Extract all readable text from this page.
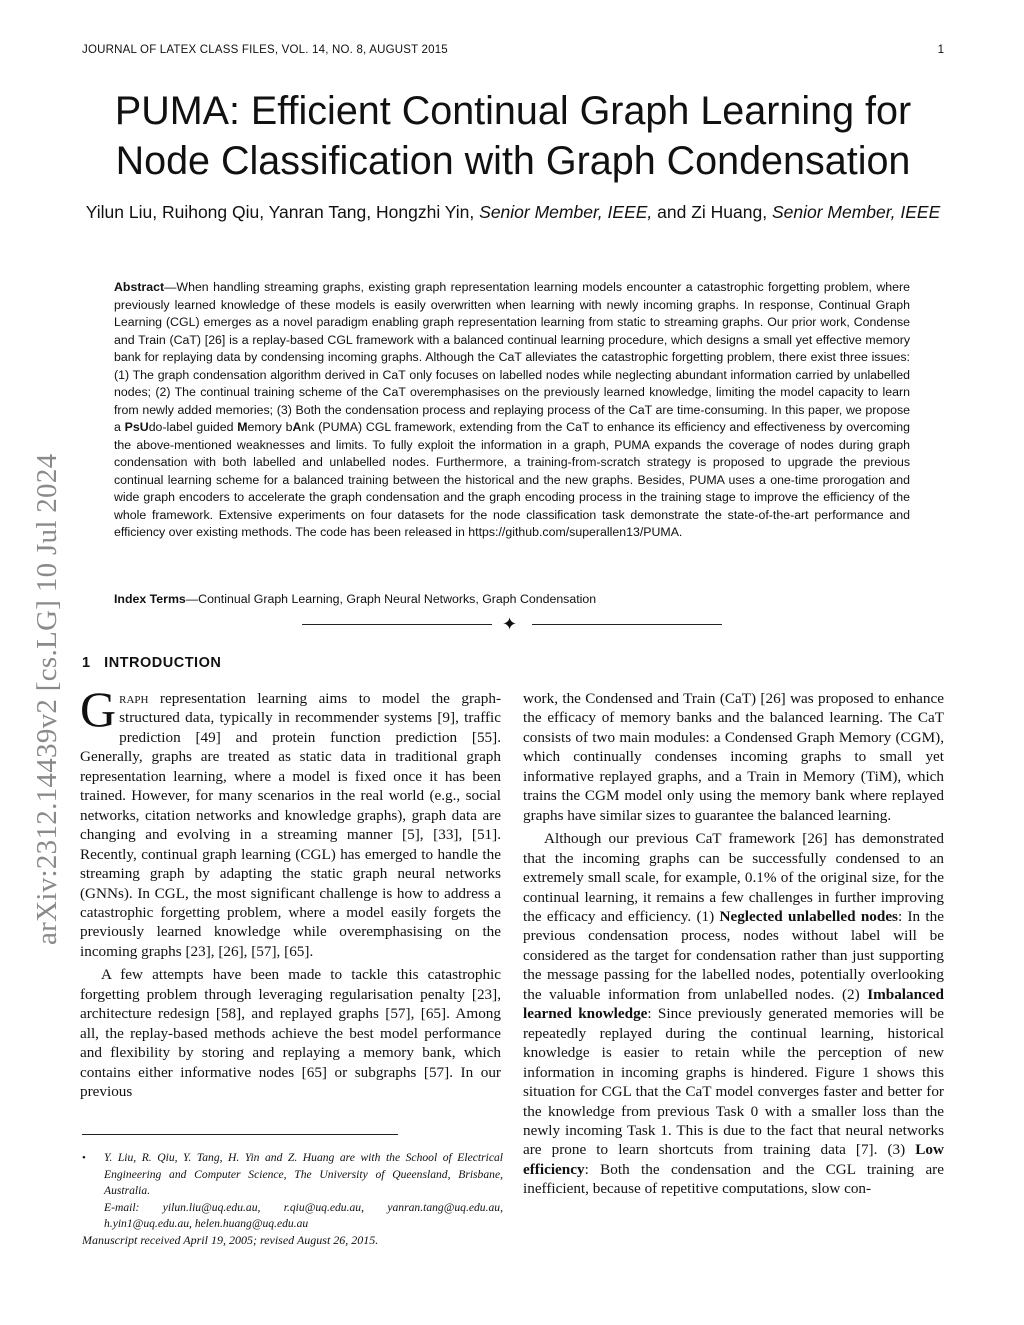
JOURNAL OF LATEX CLASS FILES, VOL. 14, NO. 8, AUGUST 2015	1
arXiv:2312.14439v2 [cs.LG] 10 Jul 2024
PUMA: Efficient Continual Graph Learning for
Node Classification with Graph Condensation
Yilun Liu, Ruihong Qiu, Yanran Tang, Hongzhi Yin, Senior Member, IEEE, and Zi Huang, Senior Member, IEEE

Abstract—When handling streaming graphs, existing graph representation learning models encounter a catastrophic forgetting problem, where previously learned knowledge of these models is easily overwritten when learning with newly incoming graphs. In response, Continual Graph Learning (CGL) emerges as a novel paradigm enabling graph representation learning from static to streaming graphs. Our prior work, Condense and Train (CaT) [26] is a replay-based CGL framework with a balanced continual learning procedure, which designs a small yet effective memory bank for replaying data by condensing incoming graphs. Although the CaT alleviates the catastrophic forgetting problem, there exist three issues: (1) The graph condensation algorithm derived in CaT only focuses on labelled nodes while neglecting abundant information carried by unlabelled nodes; (2) The continual training scheme of the CaT overemphasises on the previously learned knowledge, limiting the model capacity to learn from newly added memories; (3) Both the condensation process and replaying process of the CaT are time-consuming. In this paper, we propose a PsUdo-label guided Memory bAnk (PUMA) CGL framework, extending from the CaT to enhance its efficiency and effectiveness by overcoming the above-mentioned weaknesses and limits. To fully exploit the information in a graph, PUMA expands the coverage of nodes during graph condensation with both labelled and unlabelled nodes. Furthermore, a training-from-scratch strategy is proposed to upgrade the previous continual learning scheme for a balanced training between the historical and the new graphs. Besides, PUMA uses a one-time prorogation and wide graph encoders to accelerate the graph condensation and the graph encoding process in the training stage to improve the efficiency of the whole framework. Extensive experiments on four datasets for the node classification task demonstrate the state-of-the-art performance and efficiency over existing methods. The code has been released in https://github.com/superallen13/PUMA.

Index Terms—Continual Graph Learning, Graph Neural Networks, Graph Condensation

✦
1 INTRODUCTION

Graph representation learning aims to model the graph-structured data, typically in recommender systems [9], traffic prediction [49] and protein function prediction [55]. Generally, graphs are treated as static data in traditional graph representation learning, where a model is fixed once it has been trained. However, for many scenarios in the real world (e.g., social networks, citation networks and knowledge graphs), graph data are changing and evolving in a streaming manner [5], [33], [51]. Recently, continual graph learning (CGL) has emerged to handle the streaming graph by adapting the static graph neural networks (GNNs). In CGL, the most significant challenge is how to address a catastrophic forgetting problem, where a model easily forgets the previously learned knowledge while overemphasising on the incoming graphs [23], [26], [57], [65].

A few attempts have been made to tackle this catastrophic forgetting problem through leveraging regularisation penalty [23], architecture redesign [58], and replayed graphs [57], [65]. Among all, the replay-based methods achieve the best model performance and flexibility by storing and replaying a memory bank, which contains either informative nodes [65] or subgraphs [57]. In our previous

work, the Condensed and Train (CaT) [26] was proposed to enhance the efficacy of memory banks and the balanced learning. The CaT consists of two main modules: a Condensed Graph Memory (CGM), which continually condenses incoming graphs to small yet informative replayed graphs, and a Train in Memory (TiM), which trains the CGM model only using the memory bank where replayed graphs have similar sizes to guarantee the balanced learning.

Although our previous CaT framework [26] has demonstrated that the incoming graphs can be successfully condensed to an extremely small scale, for example, 0.1% of the original size, for the continual learning, it remains a few challenges in further improving the efficacy and efficiency. (1) Neglected unlabelled nodes: In the previous condensation process, nodes without label will be considered as the target for condensation rather than just supporting the message passing for the labelled nodes, potentially overlooking the valuable information from unlabelled nodes. (2) Imbalanced learned knowledge: Since previously generated memories will be repeatedly replayed during the continual learning, historical knowledge is easier to retain while the perception of new information in incoming graphs is hindered. Figure 1 shows this situation for CGL that the CaT model converges faster and better for the knowledge from previous Task 0 with a smaller loss than the newly incoming Task 1. This is due to the fact that neural networks are prone to learn shortcuts from training data [7]. (3) Low efficiency: Both the condensation and the CGL training are inefficient, because of repetitive computations, slow con-

• Y. Liu, R. Qiu, Y. Tang, H. Yin and Z. Huang are with the School of Electrical Engineering and Computer Science, The University of Queensland, Brisbane, Australia.
E-mail: yilun.liu@uq.edu.au, r.qiu@uq.edu.au, yanran.tang@uq.edu.au, h.yin1@uq.edu.au, helen.huang@uq.edu.au

Manuscript received April 19, 2005; revised August 26, 2015.
